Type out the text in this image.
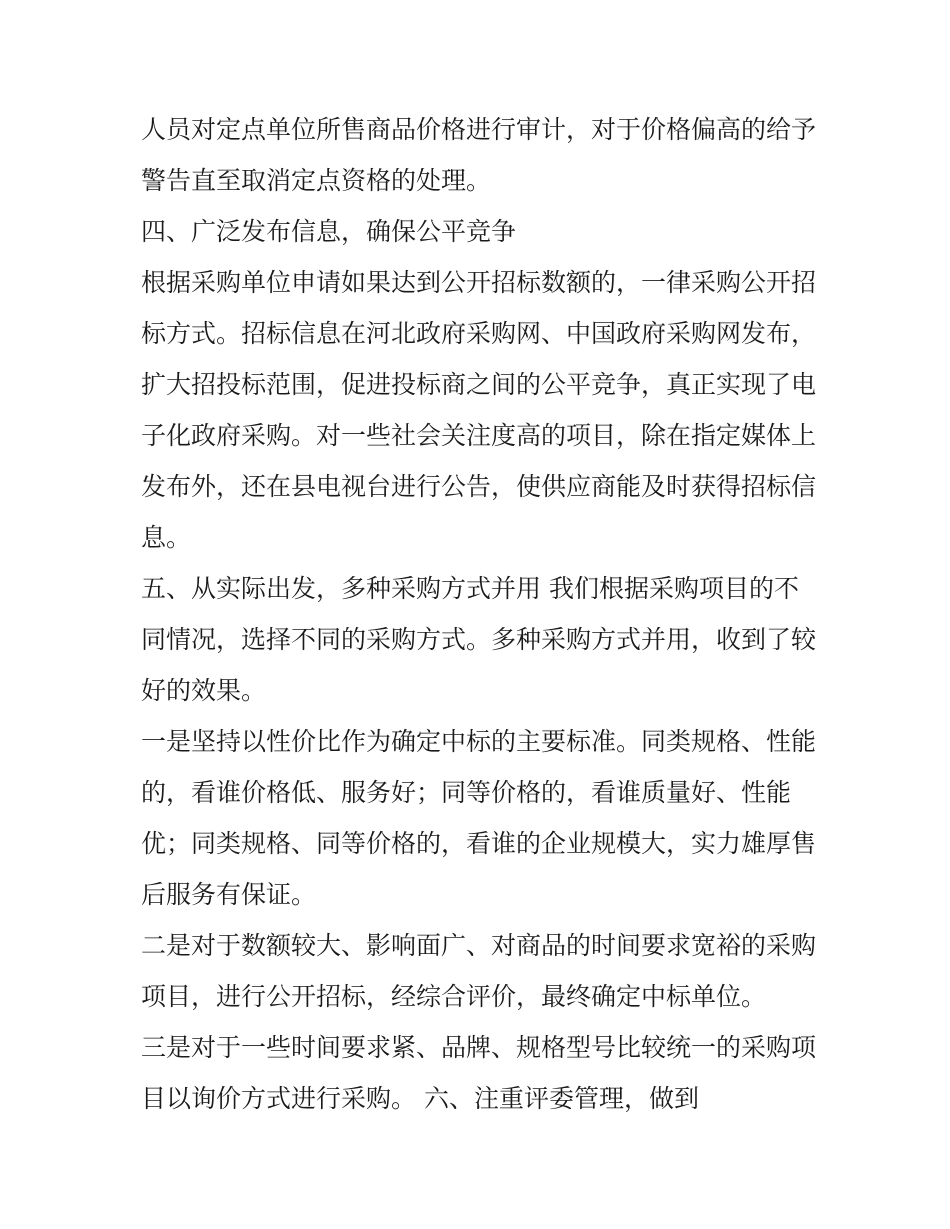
人员对定点单位所售商品价格进行审计，对于价格偏高的给予
警告直至取消定点资格的处理。
四、广泛发布信息，确保公平竞争
根据采购单位申请如果达到公开招标数额的，一律采购公开招
标方式。招标信息在河北政府采购网、中国政府采购网发布，
扩大招投标范围，促进投标商之间的公平竞争，真正实现了电
子化政府采购。对一些社会关注度高的项目，除在指定媒体上
发布外，还在县电视台进行公告，使供应商能及时获得招标信
息。
五、从实际出发，多种采购方式并用 我们根据采购项目的不
同情况，选择不同的采购方式。多种采购方式并用，收到了较
好的效果。
一是坚持以性价比作为确定中标的主要标准。同类规格、性能
的，看谁价格低、服务好；同等价格的，看谁质量好、性能
优；同类规格、同等价格的，看谁的企业规模大，实力雄厚售
后服务有保证。
二是对于数额较大、影响面广、对商品的时间要求宽裕的采购
项目，进行公开招标，经综合评价，最终确定中标单位。
三是对于一些时间要求紧、品牌、规格型号比较统一的采购项
目以询价方式进行采购。 六、注重评委管理，做到
